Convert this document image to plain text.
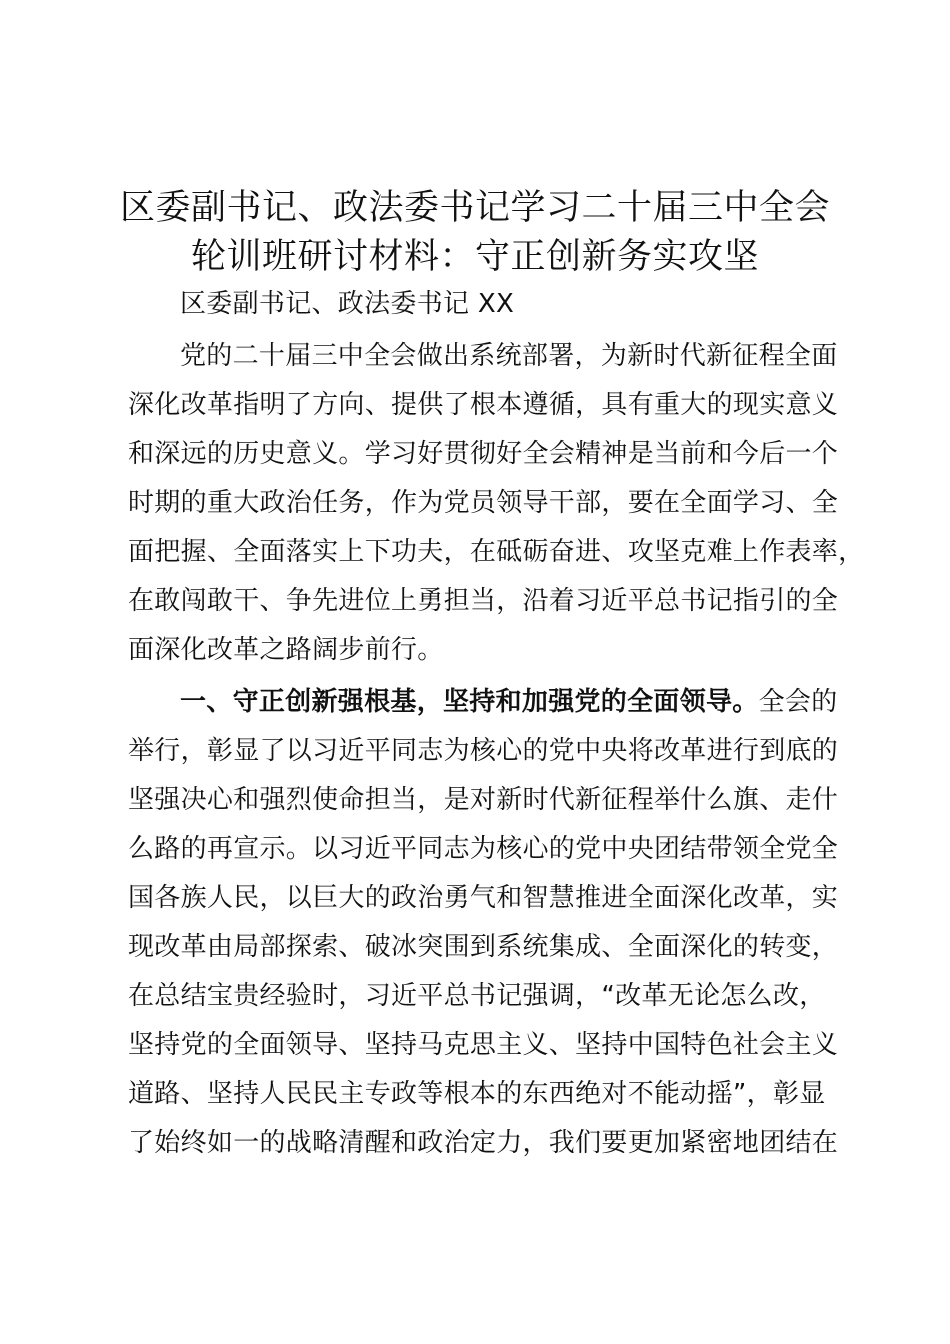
区委副书记、政法委书记学习二十届三中全会
轮训班研讨材料：守正创新务实攻坚
区委副书记、政法委书记 XX
党的二十届三中全会做出系统部署，为新时代新征程全面
深化改革指明了方向、提供了根本遵循，具有重大的现实意义
和深远的历史意义。学习好贯彻好全会精神是当前和今后一个
时期的重大政治任务，作为党员领导干部，要在全面学习、全
面把握、全面落实上下功夫，在砥砺奋进、攻坚克难上作表率，
在敢闯敢干、争先进位上勇担当，沿着习近平总书记指引的全
面深化改革之路阔步前行。
一、守正创新强根基，坚持和加强党的全面领导。全会的
举行，彰显了以习近平同志为核心的党中央将改革进行到底的
坚强决心和强烈使命担当，是对新时代新征程举什么旗、走什
么路的再宣示。以习近平同志为核心的党中央团结带领全党全
国各族人民，以巨大的政治勇气和智慧推进全面深化改革，实
现改革由局部探索、破冰突围到系统集成、全面深化的转变，
在总结宝贵经验时，习近平总书记强调，“改革无论怎么改，
坚持党的全面领导、坚持马克思主义、坚持中国特色社会主义
道路、坚持人民民主专政等根本的东西绝对不能动摇”，彰显
了始终如一的战略清醒和政治定力，我们要更加紧密地团结在
